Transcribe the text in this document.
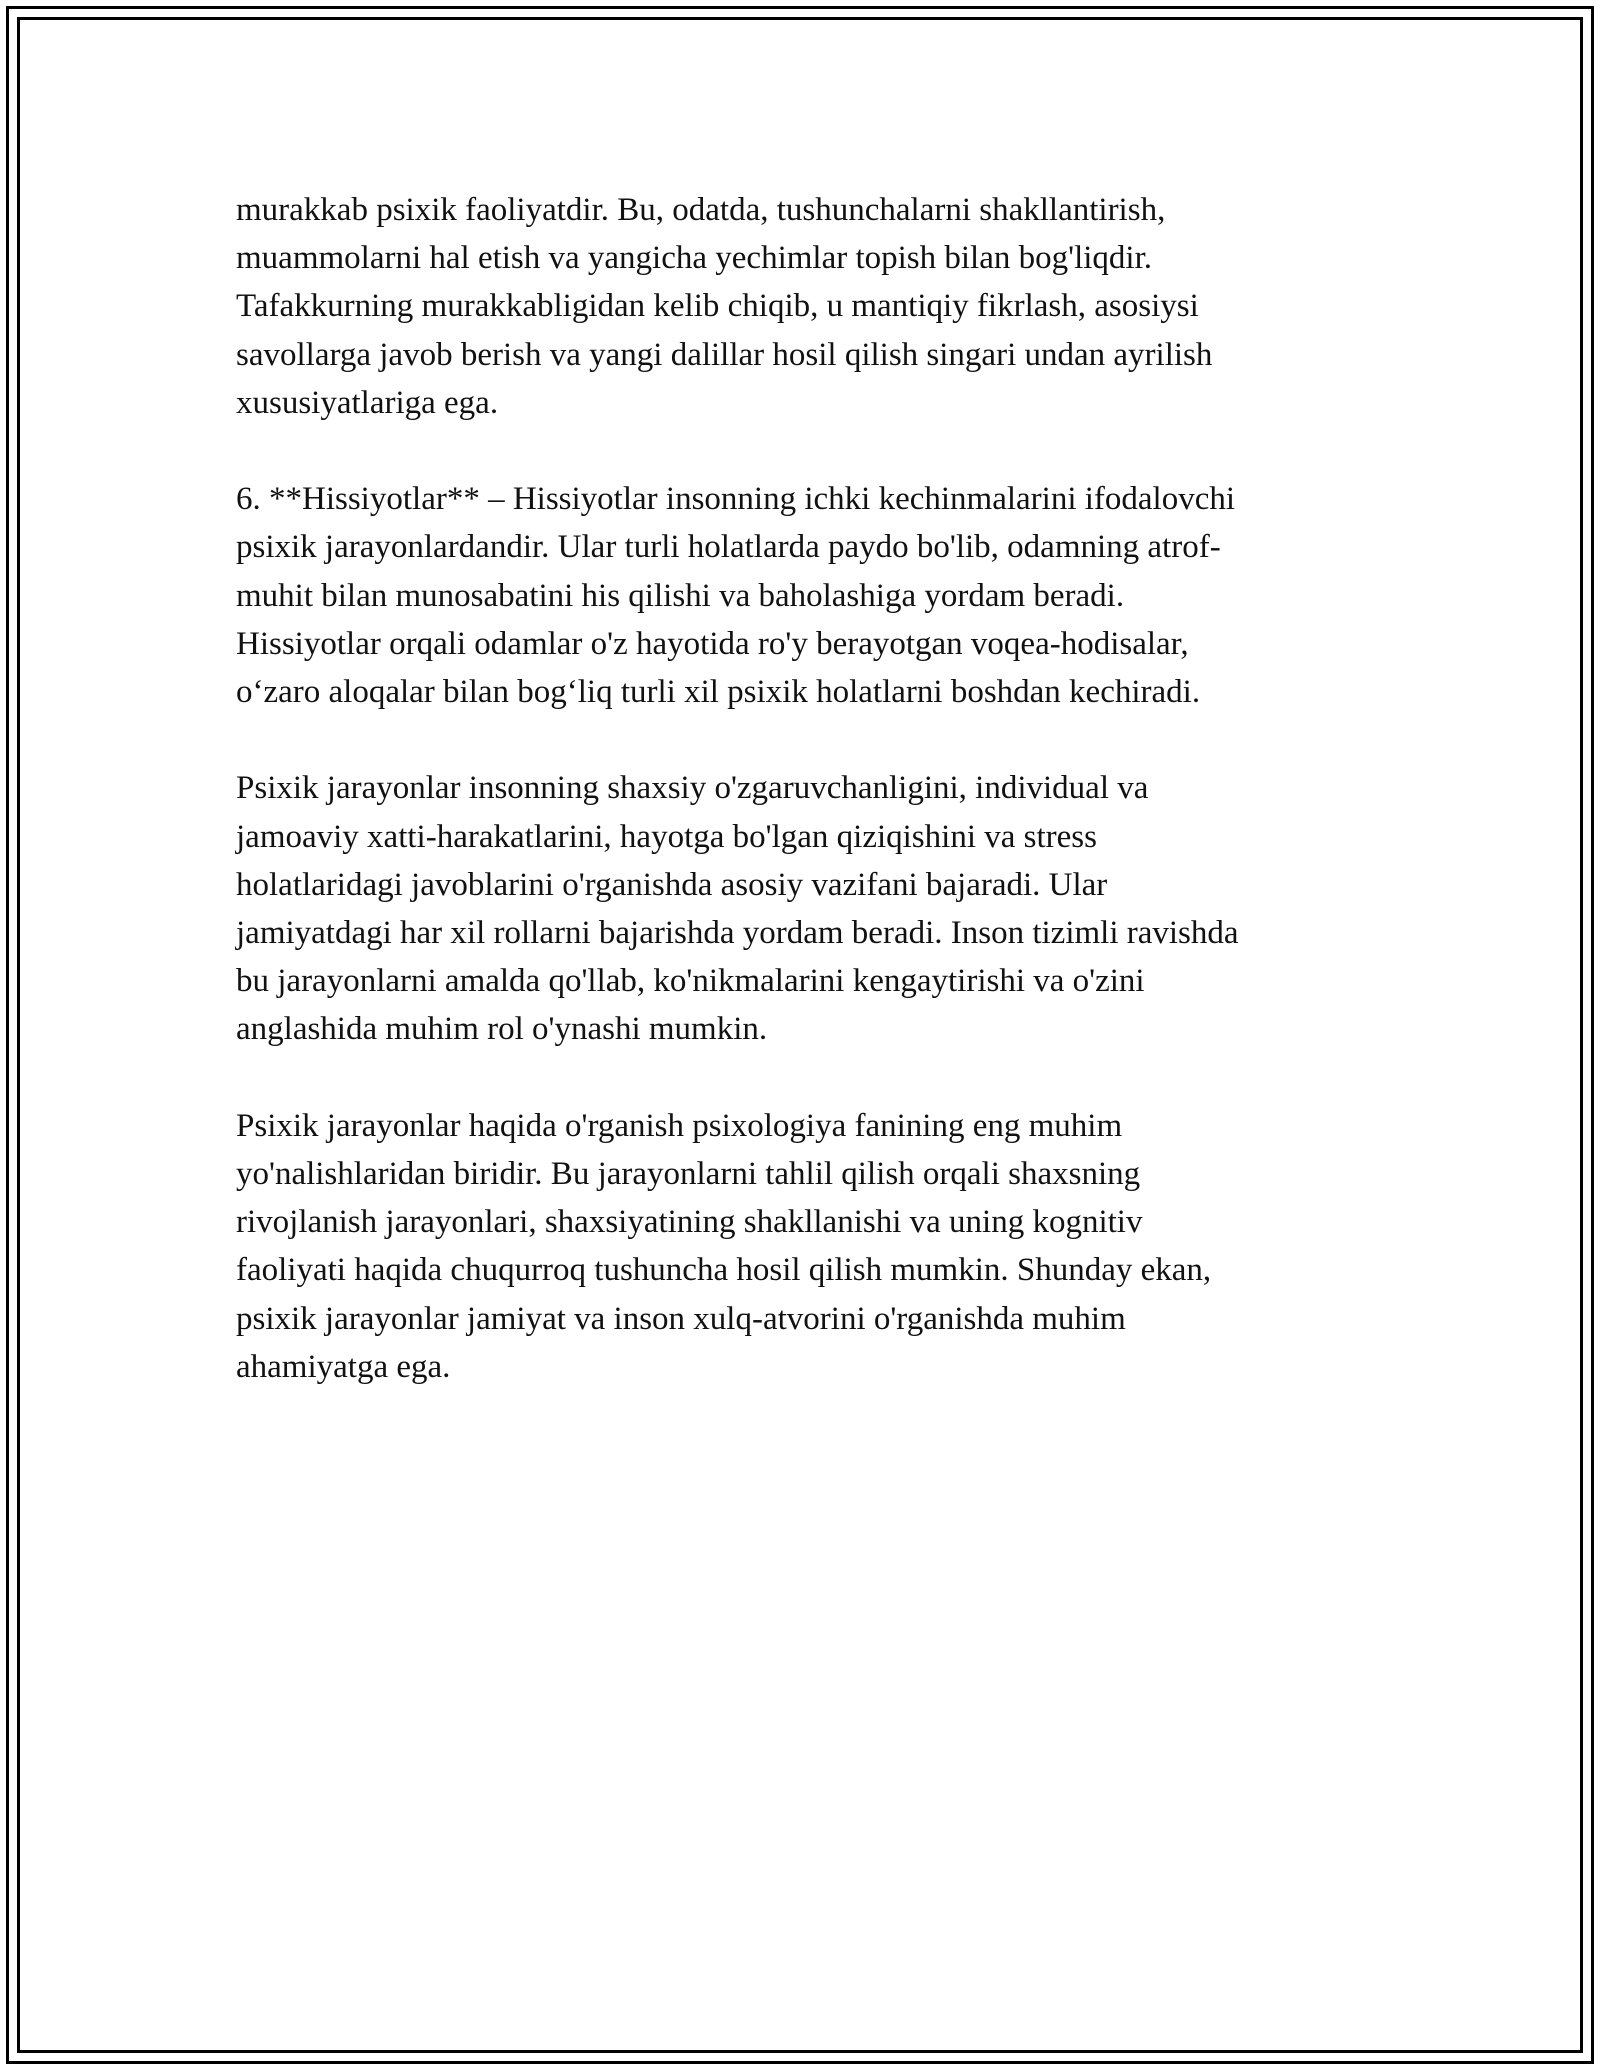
murakkab psixik faoliyatdir. Bu, odatda, tushunchalarni shakllantirish,
muammolarni hal etish va yangicha yechimlar topish bilan bog'liqdir.
Tafakkurning murakkabligidan kelib chiqib, u mantiqiy fikrlash, asosiysi
savollarga javob berish va yangi dalillar hosil qilish singari undan ayrilish
xususiyatlariga ega.

6. **Hissiyotlar** – Hissiyotlar insonning ichki kechinmalarini ifodalovchi
psixik jarayonlardandir. Ular turli holatlarda paydo bo'lib, odamning atrof-
muhit bilan munosabatini his qilishi va baholashiga yordam beradi.
Hissiyotlar orqali odamlar o'z hayotida ro'y berayotgan voqea-hodisalar,
o‘zaro aloqalar bilan bog‘liq turli xil psixik holatlarni boshdan kechiradi.

Psixik jarayonlar insonning shaxsiy o'zgaruvchanligini, individual va
jamoaviy xatti-harakatlarini, hayotga bo'lgan qiziqishini va stress
holatlaridagi javoblarini o'rganishda asosiy vazifani bajaradi. Ular
jamiyatdagi har xil rollarni bajarishda yordam beradi. Inson tizimli ravishda
bu jarayonlarni amalda qo'llab, ko'nikmalarini kengaytirishi va o'zini
anglashida muhim rol o'ynashi mumkin.

Psixik jarayonlar haqida o'rganish psixologiya fanining eng muhim
yo'nalishlaridan biridir. Bu jarayonlarni tahlil qilish orqali shaxsning
rivojlanish jarayonlari, shaxsiyatining shakllanishi va uning kognitiv
faoliyati haqida chuqurroq tushuncha hosil qilish mumkin. Shunday ekan,
psixik jarayonlar jamiyat va inson xulq-atvorini o'rganishda muhim
ahamiyatga ega.
